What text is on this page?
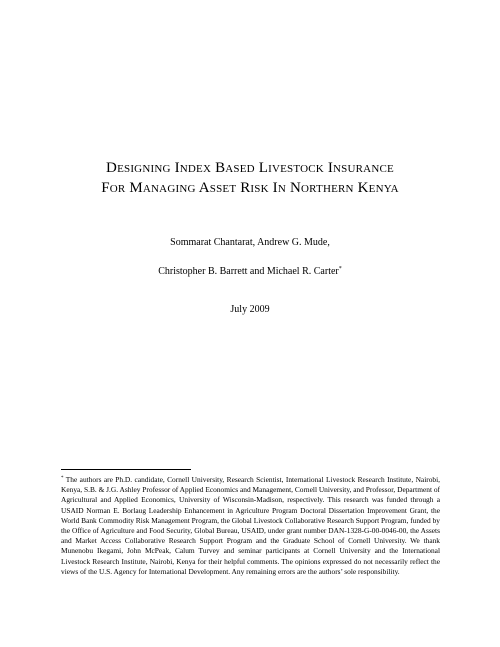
Designing Index Based Livestock Insurance
For Managing Asset Risk In Northern Kenya
Sommarat Chantarat, Andrew G. Mude,
Christopher B. Barrett and Michael R. Carter*
July 2009
* The authors are Ph.D. candidate, Cornell University, Research Scientist, International Livestock Research Institute, Nairobi, Kenya, S.B. & J.G. Ashley Professor of Applied Economics and Management, Cornell University, and Professor, Department of Agricultural and Applied Economics, University of Wisconsin-Madison, respectively. This research was funded through a USAID Norman E. Borlaug Leadership Enhancement in Agriculture Program Doctoral Dissertation Improvement Grant, the World Bank Commodity Risk Management Program, the Global Livestock Collaborative Research Support Program, funded by the Office of Agriculture and Food Security, Global Bureau, USAID, under grant number DAN-1328-G-00-0046-00, the Assets and Market Access Collaborative Research Support Program and the Graduate School of Cornell University. We thank Munenobu Ikegami, John McPeak, Calum Turvey and seminar participants at Cornell University and the International Livestock Research Institute, Nairobi, Kenya for their helpful comments. The opinions expressed do not necessarily reflect the views of the U.S. Agency for International Development. Any remaining errors are the authors’ sole responsibility.
